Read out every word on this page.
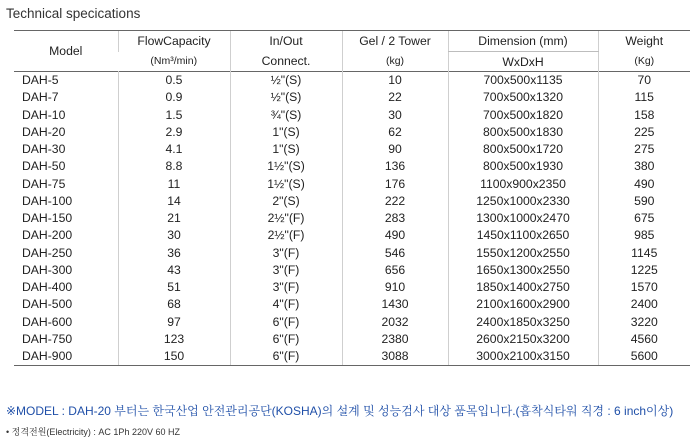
Technical specications
Model	FlowCapacity	In/Out	Gel / 2 Tower	Dimension (mm)	Weight
	(Nm³/min)	Connect.	(kg)	WxDxH	(Kg)
DAH-5	0.5	½"(S)	10	700x500x1135	70
DAH-7	0.9	½"(S)	22	700x500x1320	115
DAH-10	1.5	¾"(S)	30	700x500x1820	158
DAH-20	2.9	1"(S)	62	800x500x1830	225
DAH-30	4.1	1"(S)	90	800x500x1720	275
DAH-50	8.8	1½"(S)	136	800x500x1930	380
DAH-75	11	1½"(S)	176	1100x900x2350	490
DAH-100	14	2"(S)	222	1250x1000x2330	590
DAH-150	21	2½"(F)	283	1300x1000x2470	675
DAH-200	30	2½"(F)	490	1450x1100x2650	985
DAH-250	36	3"(F)	546	1550x1200x2550	1145
DAH-300	43	3"(F)	656	1650x1300x2550	1225
DAH-400	51	3"(F)	910	1850x1400x2750	1570
DAH-500	68	4"(F)	1430	2100x1600x2900	2400
DAH-600	97	6"(F)	2032	2400x1850x3250	3220
DAH-750	123	6"(F)	2380	2600x2150x3200	4560
DAH-900	150	6"(F)	3088	3000x2100x3150	5600
※MODEL : DAH-20 부터는 한국산업 안전관리공단(KOSHA)의 설계 및 성능검사 대상 품목입니다.(흡착식타워 직경 : 6 inch이상)
• 정격전원(Electricity) : AC 1Ph 220V 60 HZ
